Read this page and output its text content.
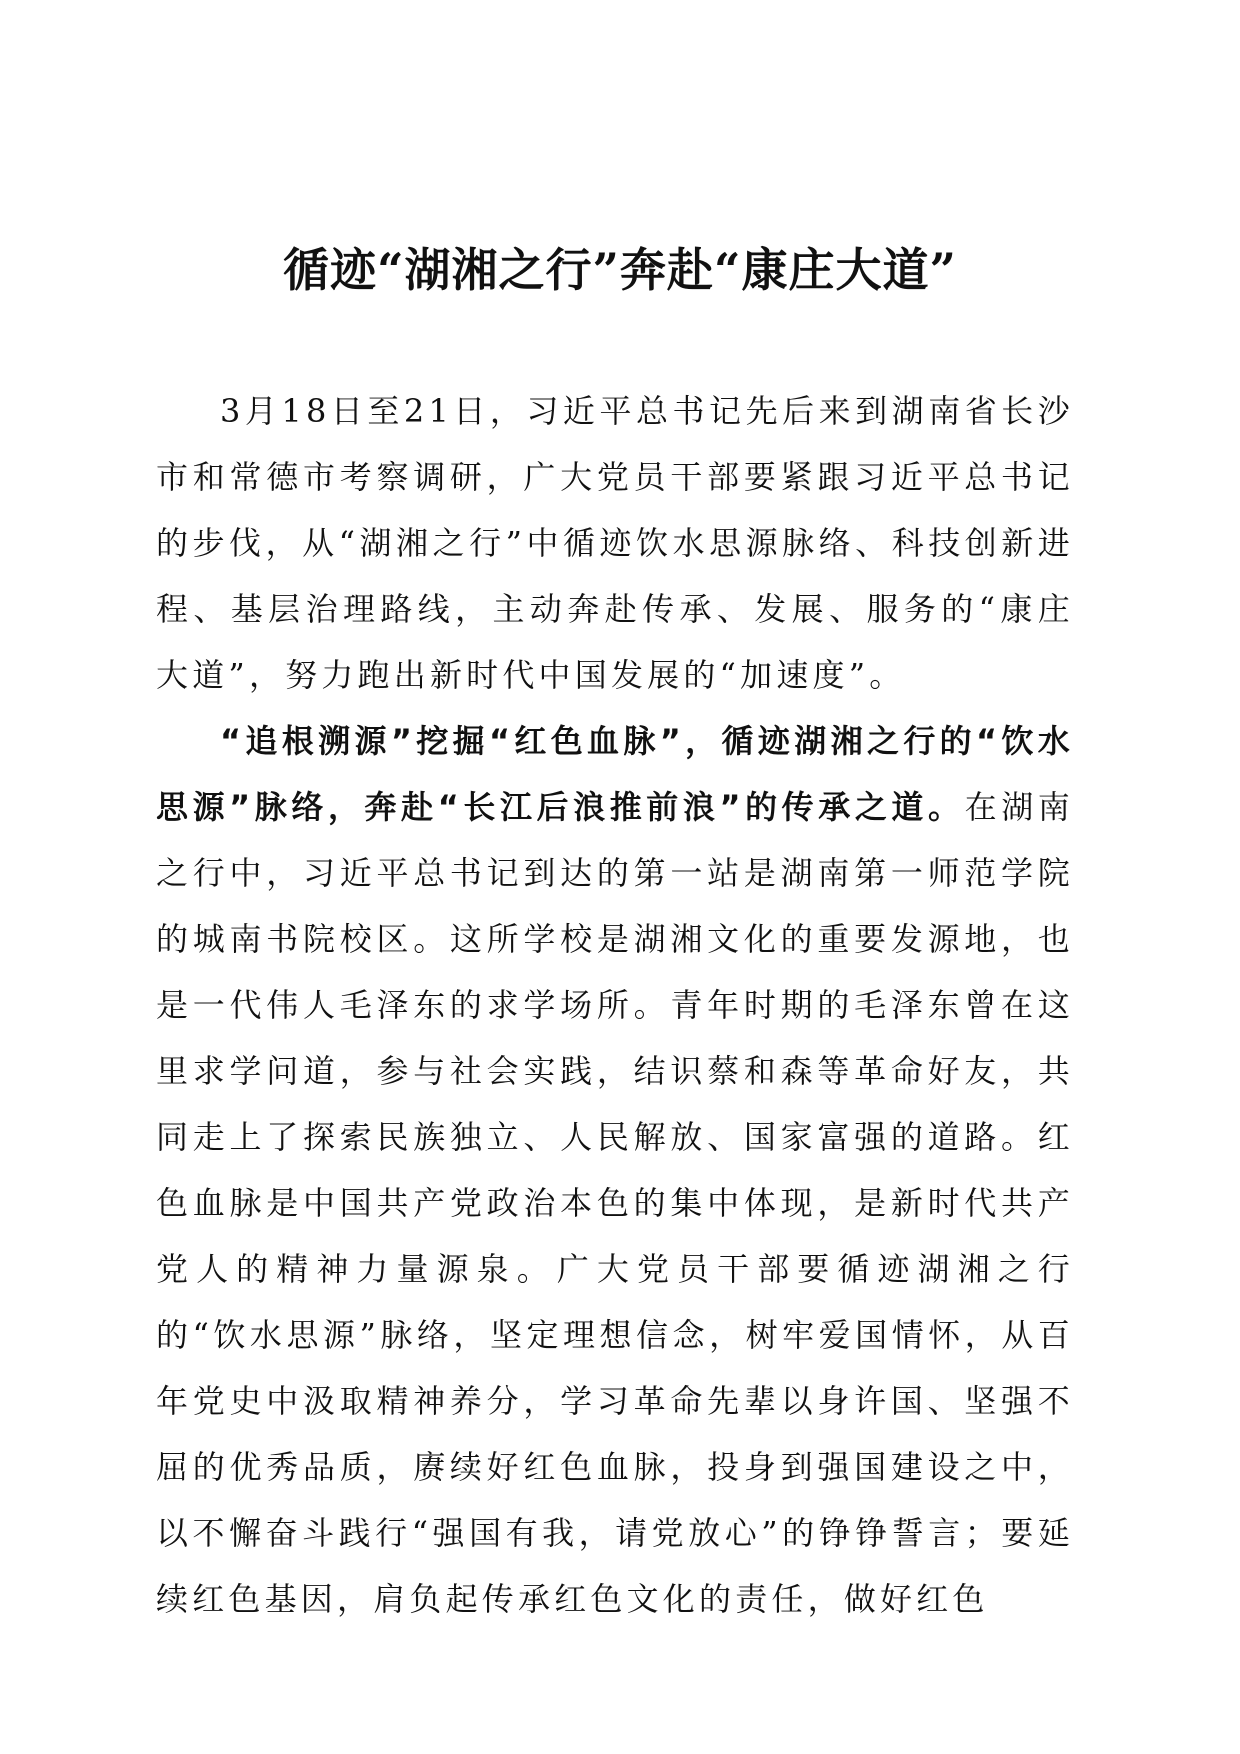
循迹“湖湘之行”奔赴“康庄大道”

3月18日至21日，习近平总书记先后来到湖南省长沙市和常德市考察调研，广大党员干部要紧跟习近平总书记的步伐，从“湖湘之行”中循迹饮水思源脉络、科技创新进程、基层治理路线，主动奔赴传承、发展、服务的“康庄大道”，努力跑出新时代中国发展的“加速度”。

“追根溯源”挖掘“红色血脉”，循迹湖湘之行的“饮水思源”脉络，奔赴“长江后浪推前浪”的传承之道。在湖南之行中，习近平总书记到达的第一站是湖南第一师范学院的城南书院校区。这所学校是湖湘文化的重要发源地，也是一代伟人毛泽东的求学场所。青年时期的毛泽东曾在这里求学问道，参与社会实践，结识蔡和森等革命好友，共同走上了探索民族独立、人民解放、国家富强的道路。红色血脉是中国共产党政治本色的集中体现，是新时代共产党人的精神力量源泉。广大党员干部要循迹湖湘之行的“饮水思源”脉络，坚定理想信念，树牢爱国情怀，从百年党史中汲取精神养分，学习革命先辈以身许国、坚强不屈的优秀品质，赓续好红色血脉，投身到强国建设之中，以不懈奋斗践行“强国有我，请党放心”的铮铮誓言；要延续红色基因，肩负起传承红色文化的责任，做好红色
